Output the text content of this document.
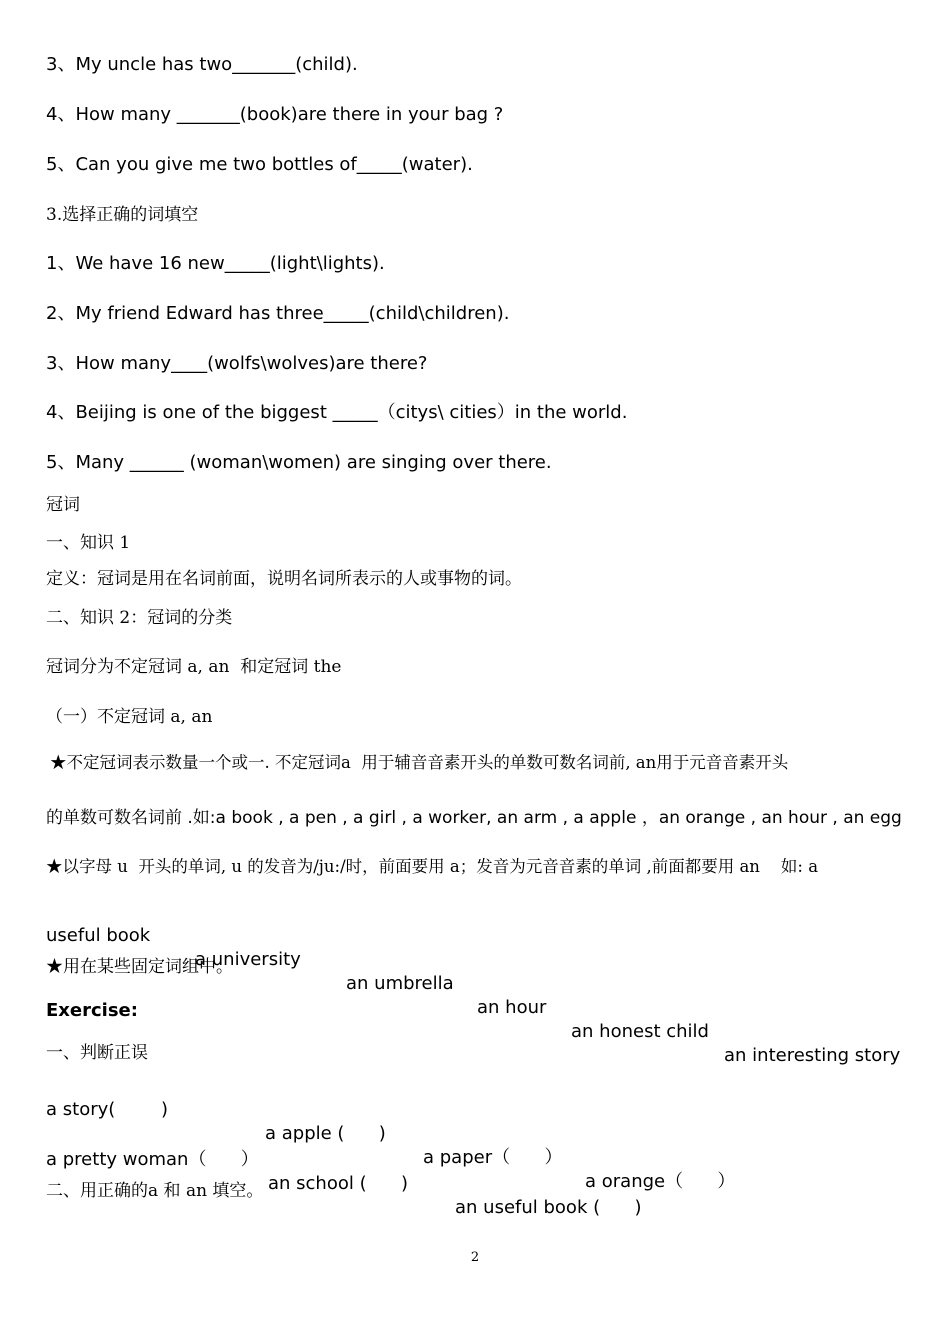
3、My uncle has two_______(child).
4、How many _______(book)are there in your bag ?
5、Can you give me two bottles of_____(water).
3.选择正确的词填空
1、We have 16 new_____(light\lights).
2、My friend Edward has three_____(child\children).
3、How many____(wolfs\wolves)are there?
4、Beijing is one of the biggest _____（citys\ cities）in the world.
5、Many ______ (woman\women) are singing over there.
冠词
一、知识 1
定义：冠词是用在名词前面，说明名词所表示的人或事物的词。
二、知识 2：冠词的分类
冠词分为不定冠词 a, an  和定冠词 the
（一）不定冠词 a, an
★不定冠词表示数量一个或一. 不定冠词a  用于辅音音素开头的单数可数名词前, an用于元音音素开头
的单数可数名词前 .如:a book , a pen , a girl , a worker, an arm , a apple ，an orange , an hour , an egg
★以字母 u  开头的单词, u 的发音为/ju:/时，前面要用 a；发音为元音音素的单词 ,前面都要用 an    如: a

useful book

a university

an umbrella

an hour

an honest child

an interesting story

★用在某些固定词组中。
Exercise:
一、判断正误

a story(        )

a apple (      )

a paper（      ）

a orange（      ）

a pretty woman（      ）

an school (      )

an useful book (      )

二、用正确的a 和 an 填空。
2
